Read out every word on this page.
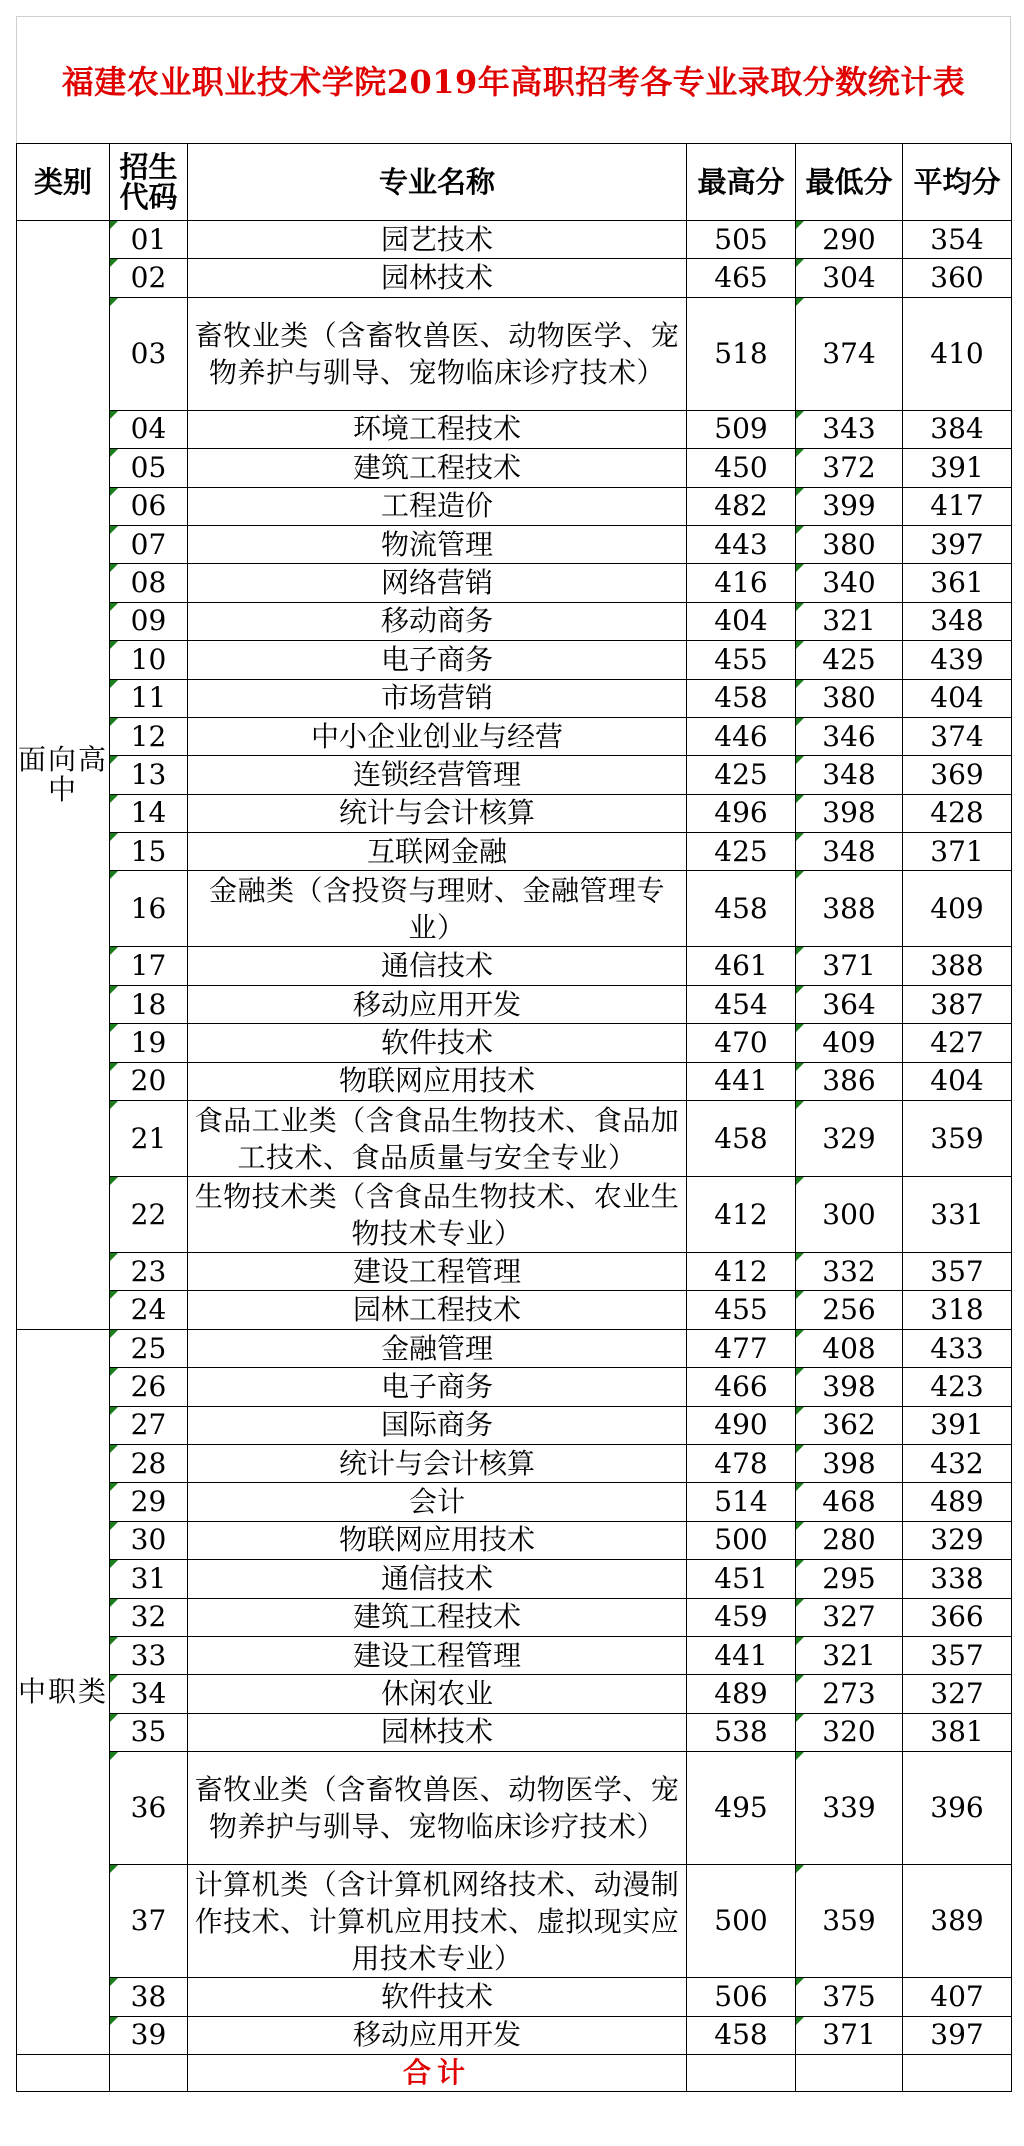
福建农业职业技术学院2019年高职招考各专业录取分数统计表
类别	招生代码	专业名称	最高分	最低分	平均分
面向高中	01	园艺技术	505	290	354
	02	园林技术	465	304	360
	03	畜牧业类（含畜牧兽医、动物医学、宠物养护与驯导、宠物临床诊疗技术）	518	374	410
	04	环境工程技术	509	343	384
	05	建筑工程技术	450	372	391
	06	工程造价	482	399	417
	07	物流管理	443	380	397
	08	网络营销	416	340	361
	09	移动商务	404	321	348
	10	电子商务	455	425	439
	11	市场营销	458	380	404
	12	中小企业创业与经营	446	346	374
	13	连锁经营管理	425	348	369
	14	统计与会计核算	496	398	428
	15	互联网金融	425	348	371
	16	金融类（含投资与理财、金融管理专业）	458	388	409
	17	通信技术	461	371	388
	18	移动应用开发	454	364	387
	19	软件技术	470	409	427
	20	物联网应用技术	441	386	404
	21	食品工业类（含食品生物技术、食品加工技术、食品质量与安全专业）	458	329	359
	22	生物技术类（含食品生物技术、农业生物技术专业）	412	300	331
	23	建设工程管理	412	332	357
	24	园林工程技术	455	256	318
中职类	25	金融管理	477	408	433
	26	电子商务	466	398	423
	27	国际商务	490	362	391
	28	统计与会计核算	478	398	432
	29	会计	514	468	489
	30	物联网应用技术	500	280	329
	31	通信技术	451	295	338
	32	建筑工程技术	459	327	366
	33	建设工程管理	441	321	357
	34	休闲农业	489	273	327
	35	园林技术	538	320	381
	36	畜牧业类（含畜牧兽医、动物医学、宠物养护与驯导、宠物临床诊疗技术）	495	339	396
	37	计算机类（含计算机网络技术、动漫制作技术、计算机应用技术、虚拟现实应用技术专业）	500	359	389
	38	软件技术	506	375	407
	39	移动应用开发	458	371	397
		合计			
